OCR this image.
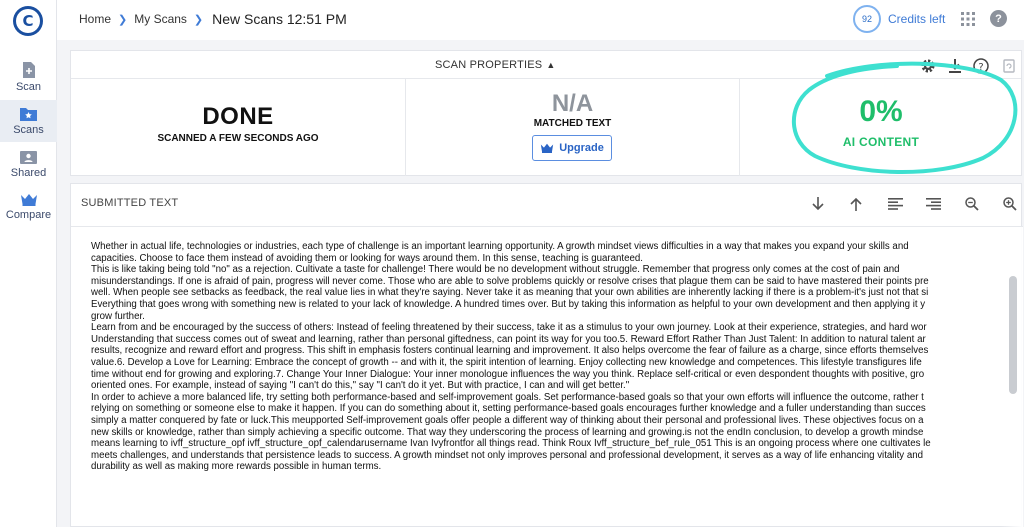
C
Scan
Scans
Shared
Compare
Home ❯ My Scans ❯ New Scans 12:51 PM	92 Credits left	?
SCAN PROPERTIES ▲	?
DONE
SCANNED A FEW SECONDS AGO
N/A
MATCHED TEXT
Upgrade
0%
AI CONTENT
SUBMITTED TEXT
Whether in actual life, technologies or industries, each type of challenge is an important learning opportunity. A growth mindset views difficulties in a way that makes you expand your skills and
capacities. Choose to face them instead of avoiding them or looking for ways around them. In this sense, teaching is guaranteed.
This is like taking being told "no" as a rejection. Cultivate a taste for challenge! There would be no development without struggle. Remember that progress only comes at the cost of pain and
misunderstandings. If one is afraid of pain, progress will never come. Those who are able to solve problems quickly or resolve crises that plague them can be said to have mastered their points pre
well. When people see setbacks as feedback, the real value lies in what they're saying. Never take it as meaning that your own abilities are inherently lacking if there is a problem-it's just not that si
Everything that goes wrong with something new is related to your lack of knowledge. A hundred times over. But by taking this information as helpful to your own development and then applying it y
grow further.
Learn from and be encouraged by the success of others: Instead of feeling threatened by their success, take it as a stimulus to your own journey. Look at their experience, strategies, and hard wor
Understanding that success comes out of sweat and learning, rather than personal giftedness, can point its way for you too.5. Reward Effort Rather Than Just Talent: In addition to natural talent ar
results, recognize and reward effort and progress. This shift in emphasis fosters continual learning and improvement. It also helps overcome the fear of failure as a charge, since efforts themselves
value.6. Develop a Love for Learning: Embrace the concept of growth -- and with it, the spirit intention of learning. Enjoy collecting new knowledge and competences. This lifestyle transfigures life
time without end for growing and exploring.7. Change Your Inner Dialogue: Your inner monologue influences the way you think. Replace self-critical or even despondent thoughts with positive, gro
oriented ones. For example, instead of saying "I can't do this," say "I can't do it yet. But with practice, I can and will get better."
In order to achieve a more balanced life, try setting both performance-based and self-improvement goals. Set performance-based goals so that your own efforts will influence the outcome, rather t
relying on something or someone else to make it happen. If you can do something about it, setting performance-based goals encourages further knowledge and a fuller understanding than succes
simply a matter conquered by fate or luck.This meupported Self-improvement goals offer people a different way of thinking about their personal and professional lives. These objectives focus on a
new skills or knowledge, rather than simply achieving a specific outcome. That way they underscoring the process of learning and growing.is not the endIn conclusion, to develop a growth mindse
means learning to ivff_structure_opf ivff_structure_opf_calendarusername Ivan Ivyfrontfor all things read. Think Roux Ivff_structure_bef_rule_051 This is an ongoing process where one cultivates le
meets challenges, and understands that persistence leads to success. A growth mindset not only improves personal and professional development, it serves as a way of life enhancing vitality and
durability as well as making more rewards possible in human terms.
